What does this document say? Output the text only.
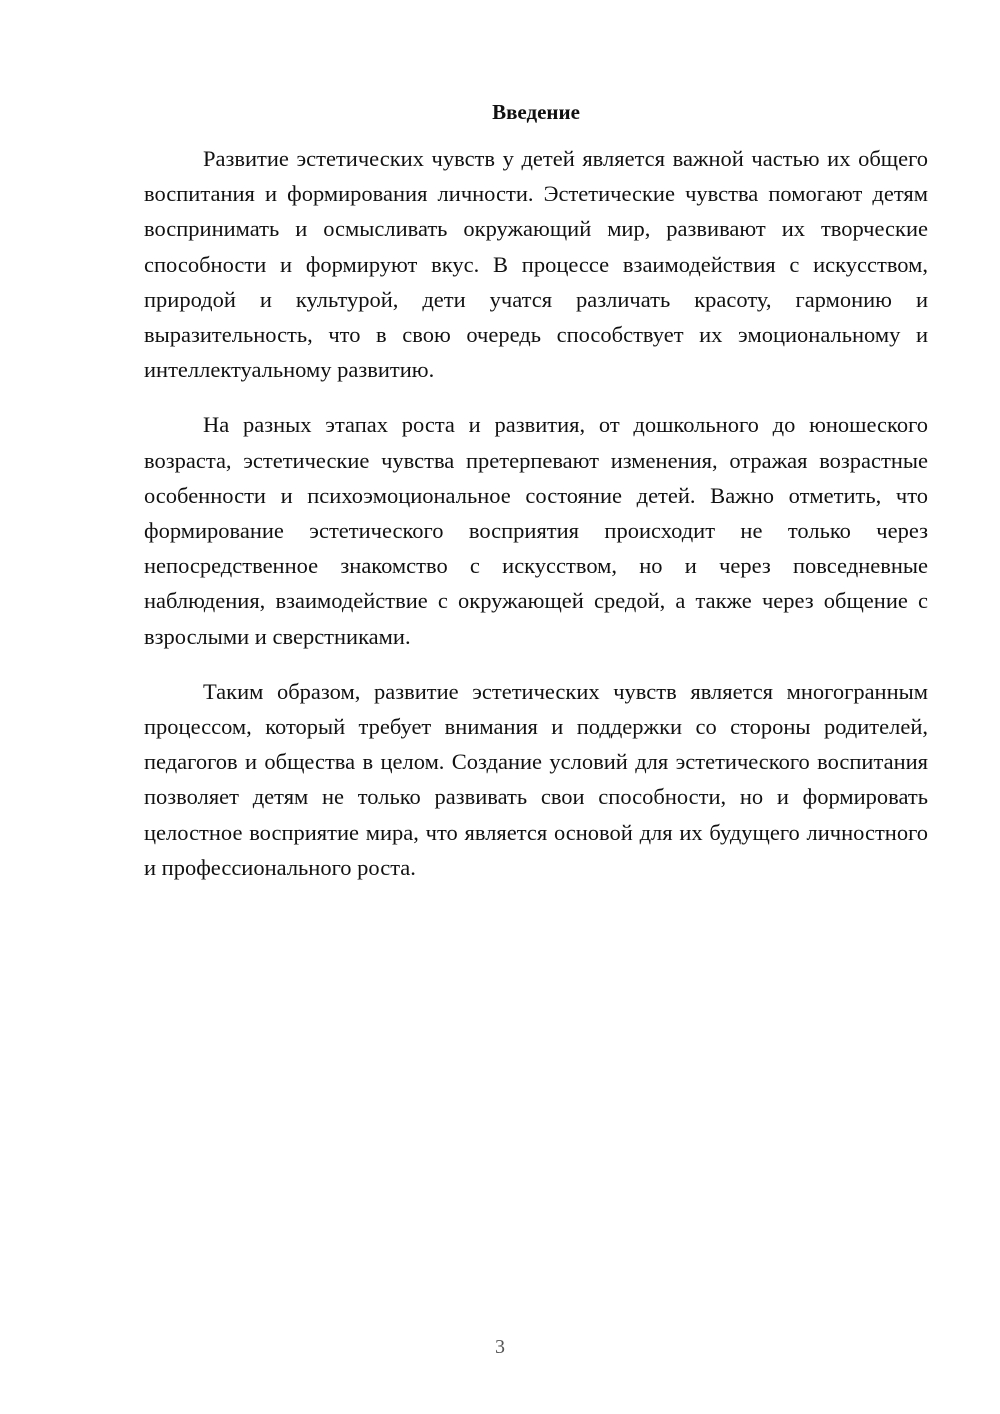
Введение

Развитие эстетических чувств у детей является важной частью их общего воспитания и формирования личности. Эстетические чувства помогают детям воспринимать и осмысливать окружающий мир, развивают их творческие способности и формируют вкус. В процессе взаимодействия с искусством, природой и культурой, дети учатся различать красоту, гармонию и выразительность, что в свою очередь способствует их эмоциональному и интеллектуальному развитию.

На разных этапах роста и развития, от дошкольного до юношеского возраста, эстетические чувства претерпевают изменения, отражая возрастные особенности и психоэмоциональное состояние детей. Важно отметить, что формирование эстетического восприятия происходит не только через непосредственное знакомство с искусством, но и через повседневные наблюдения, взаимодействие с окружающей средой, а также через общение с взрослыми и сверстниками.

Таким образом, развитие эстетических чувств является многогранным процессом, который требует внимания и поддержки со стороны родителей, педагогов и общества в целом. Создание условий для эстетического воспитания позволяет детям не только развивать свои способности, но и формировать целостное восприятие мира, что является основой для их будущего личностного и профессионального роста.

3
